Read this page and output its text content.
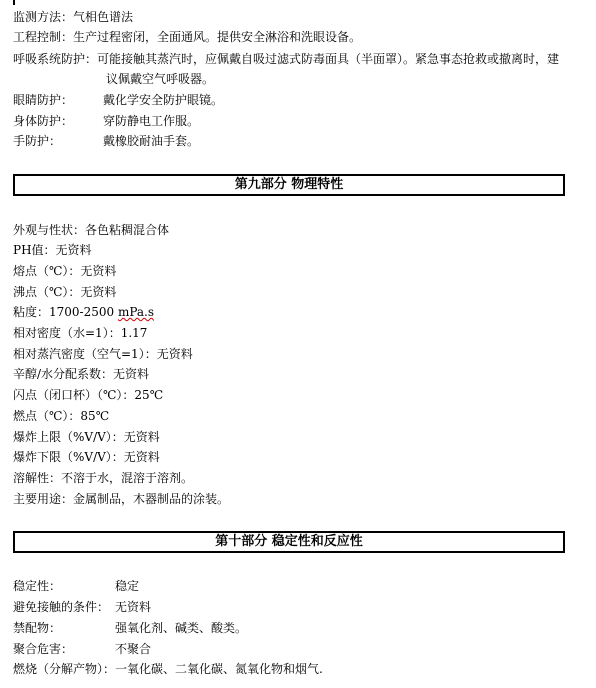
监测方法：气相色谱法
工程控制：生产过程密闭，全面通风。提供安全淋浴和洗眼设备。
呼吸系统防护：可能接触其蒸汽时，应佩戴自吸过滤式防毒面具（半面罩）。紧急事态抢救或撤离时，建
议佩戴空气呼吸器。
眼睛防护： 戴化学安全防护眼镜。
身体防护： 穿防静电工作服。
手防护：	戴橡胶耐油手套。
第九部分 物理特性
外观与性状：各色粘稠混合体
PH值：无资料
熔点（℃）：无资料
沸点（℃）：无资料
粘度：1700-2500 mPa.s
相对密度（水=1）：1.17
相对蒸汽密度（空气=1）：无资料
辛醇/水分配系数：无资料
闪点（闭口杯）（℃）：25℃
燃点（℃）：85℃
爆炸上限（%V/V）：无资料
爆炸下限（%V/V）：无资料
溶解性：不溶于水，混溶于溶剂。
主要用途：金属制品，木器制品的涂装。
第十部分 稳定性和反应性
稳定性：	稳定
避免接触的条件： 无资料
禁配物：	强氧化剂、碱类、酸类。
聚合危害：	不聚合
燃烧（分解产物）：一氧化碳、二氧化碳、氮氧化物和烟气.
